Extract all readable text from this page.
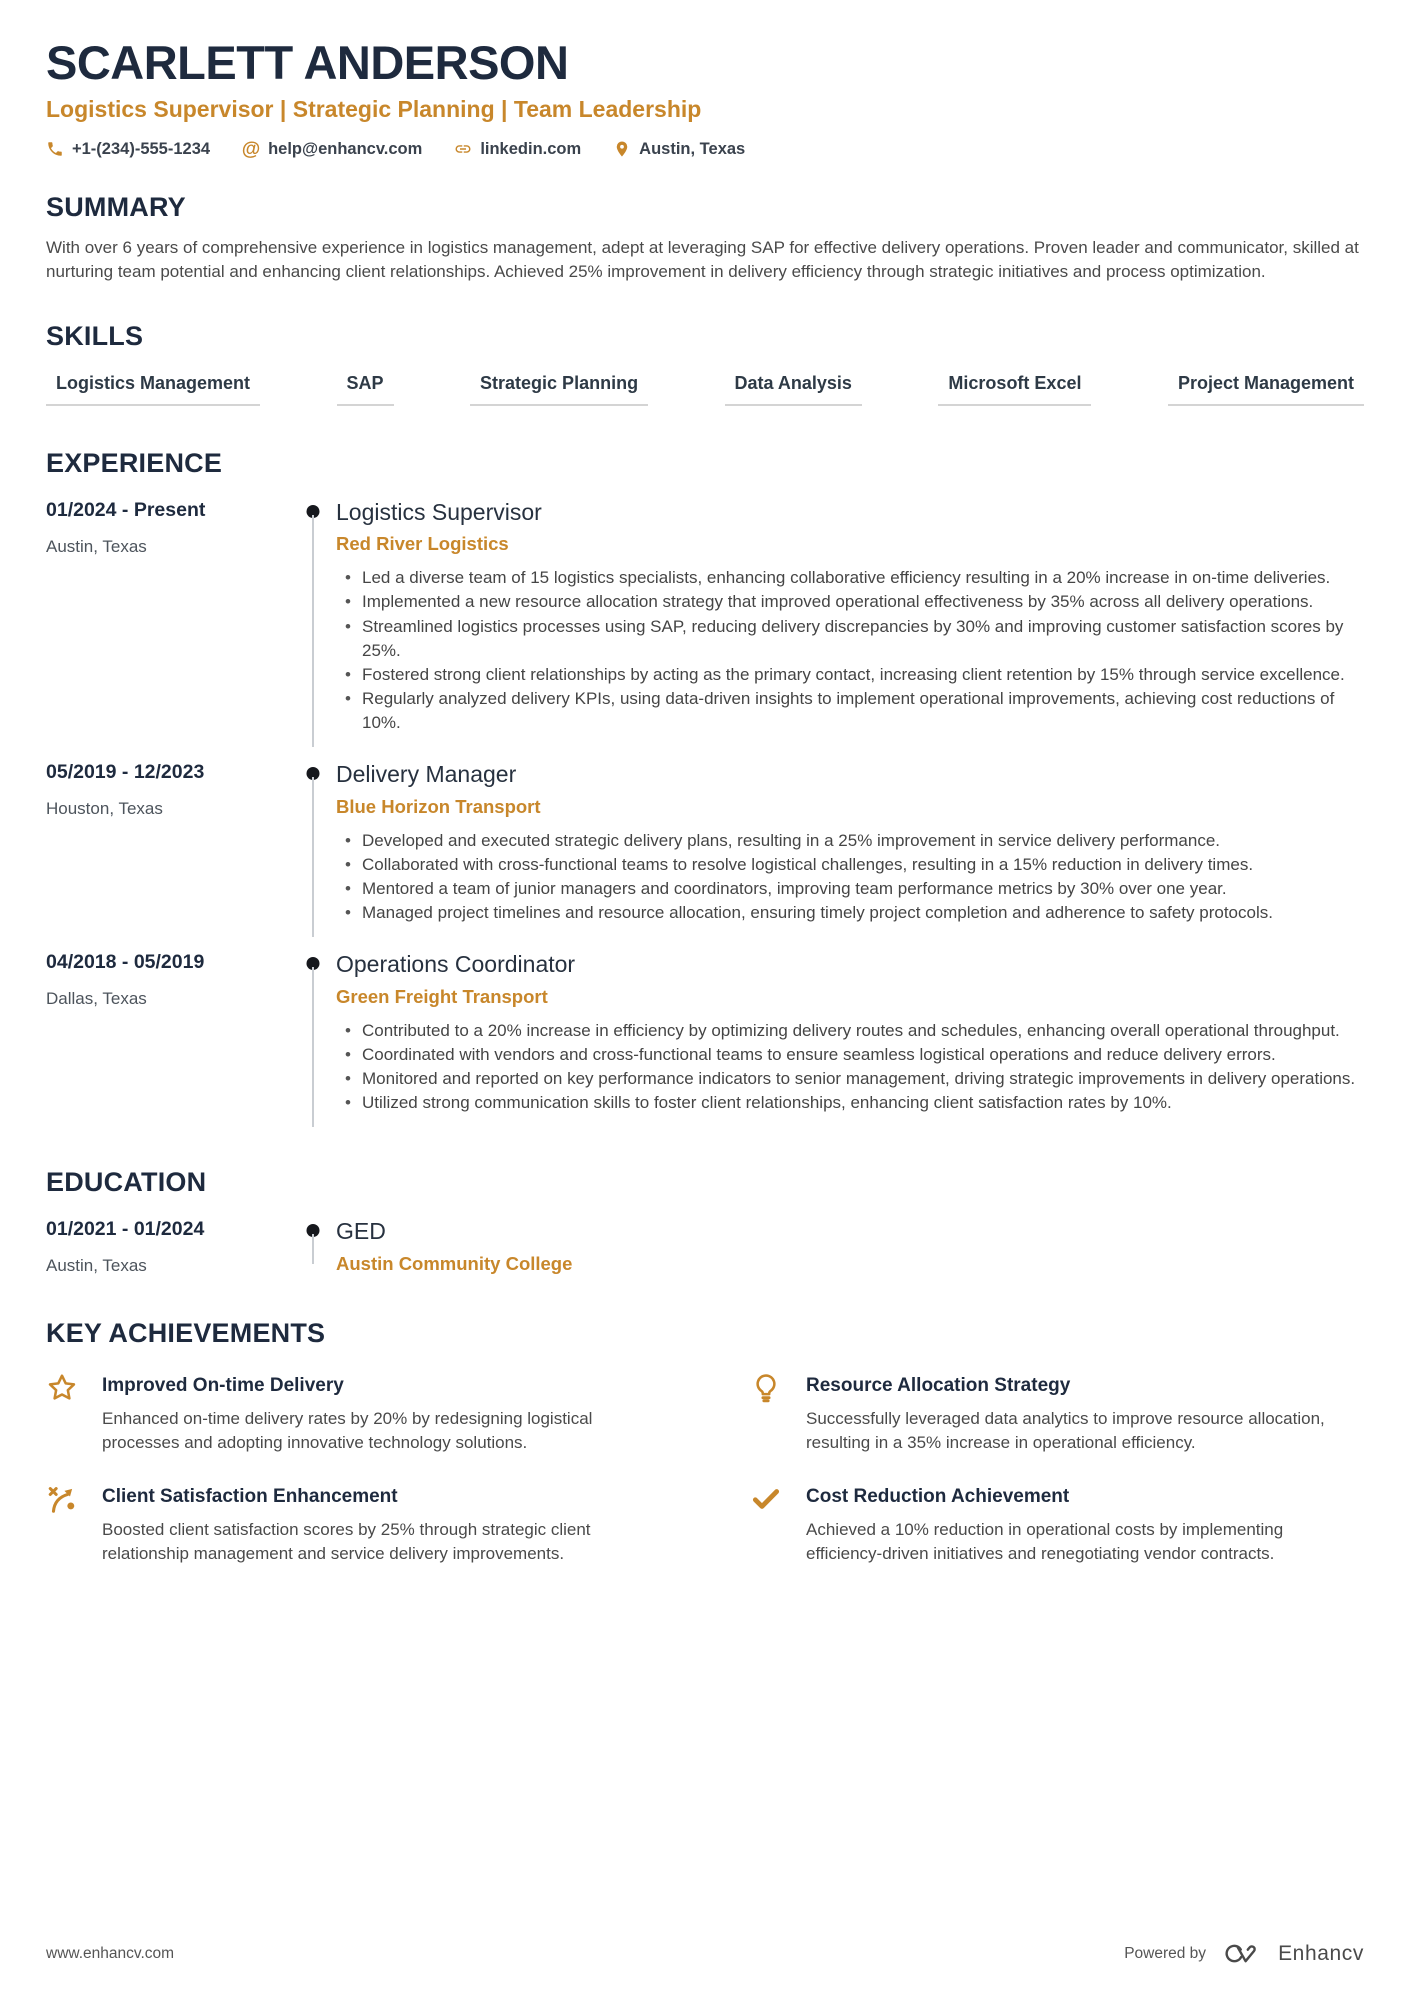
SCARLETT ANDERSON
Logistics Supervisor | Strategic Planning | Team Leadership
+1-(234)-555-1234 @ help@enhancv.com	linkedin.com	Austin, Texas
SUMMARY

With over 6 years of comprehensive experience in logistics management, adept at leveraging SAP for effective delivery operations. Proven leader and communicator, skilled at nurturing team potential and enhancing client relationships. Achieved 25% improvement in delivery efficiency through strategic initiatives and process optimization.

SKILLS
Logistics Management	SAP	Strategic Planning	Data Analysis	Microsoft Excel	Project Management
EXPERIENCE
01/2024 - Present
Austin, Texas
Logistics Supervisor
Red River Logistics
• Led a diverse team of 15 logistics specialists, enhancing collaborative efficiency resulting in a 20% increase in on-time deliveries.
• Implemented a new resource allocation strategy that improved operational effectiveness by 35% across all delivery operations.
• Streamlined logistics processes using SAP, reducing delivery discrepancies by 30% and improving customer satisfaction scores by 25%.
• Fostered strong client relationships by acting as the primary contact, increasing client retention by 15% through service excellence.
• Regularly analyzed delivery KPIs, using data-driven insights to implement operational improvements, achieving cost reductions of 10%.
05/2019 - 12/2023
Houston, Texas
Delivery Manager
Blue Horizon Transport
• Developed and executed strategic delivery plans, resulting in a 25% improvement in service delivery performance.
• Collaborated with cross-functional teams to resolve logistical challenges, resulting in a 15% reduction in delivery times.
• Mentored a team of junior managers and coordinators, improving team performance metrics by 30% over one year.
• Managed project timelines and resource allocation, ensuring timely project completion and adherence to safety protocols.
04/2018 - 05/2019
Dallas, Texas
Operations Coordinator
Green Freight Transport
• Contributed to a 20% increase in efficiency by optimizing delivery routes and schedules, enhancing overall operational throughput.
• Coordinated with vendors and cross-functional teams to ensure seamless logistical operations and reduce delivery errors.
• Monitored and reported on key performance indicators to senior management, driving strategic improvements in delivery operations.
• Utilized strong communication skills to foster client relationships, enhancing client satisfaction rates by 10%.
EDUCATION
01/2021 - 01/2024
Austin, Texas
GED
Austin Community College
KEY ACHIEVEMENTS
Improved On-time Delivery

Enhanced on-time delivery rates by 20% by redesigning logistical processes and adopting innovative technology solutions.

Resource Allocation Strategy

Successfully leveraged data analytics to improve resource allocation, resulting in a 35% increase in operational efficiency.

Client Satisfaction Enhancement

Boosted client satisfaction scores by 25% through strategic client relationship management and service delivery improvements.

Cost Reduction Achievement

Achieved a 10% reduction in operational costs by implementing efficiency-driven initiatives and renegotiating vendor contracts.

www.enhancv.com	Powered by	Enhancv
